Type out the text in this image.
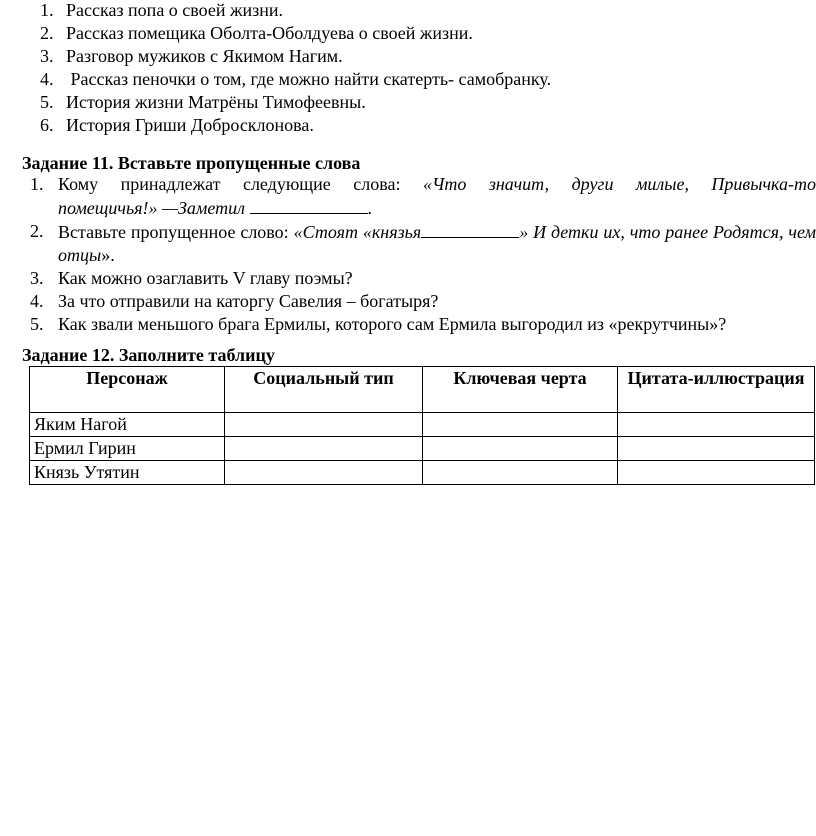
1. Рассказ попа о своей жизни.
2. Рассказ помещика Оболта-Оболдуева о своей жизни.
3. Разговор мужиков с Якимом Нагим.
4. Рассказ пеночки о том, где можно найти скатерть- самобранку.
5. История жизни Матрёны Тимофеевны.
6. История Гриши Добросклонова.
Задание 11. Вставьте пропущенные слова
1. Кому принадлежат следующие слова: «Что значит, други милые, Привычка-то
помещичья!» —Заметил	.
2. Вставьте пропущенное слово: «Стоят «князья	» И детки их, что ранее Родятся, чем отцы».
3. Как можно озаглавить V главу поэмы?
4. За что отправили на каторгу Савелия – богатыря?
5. Как звали меньшого брага Ермилы, которого сам Ермила выгородил из «рекрутчины»?
Задание 12. Заполните таблицу
Персонаж	Социальный тип	Ключевая черта	Цитата-иллюстрация
Яким Нагой			
Ермил Гирин			
Князь Утятин			
